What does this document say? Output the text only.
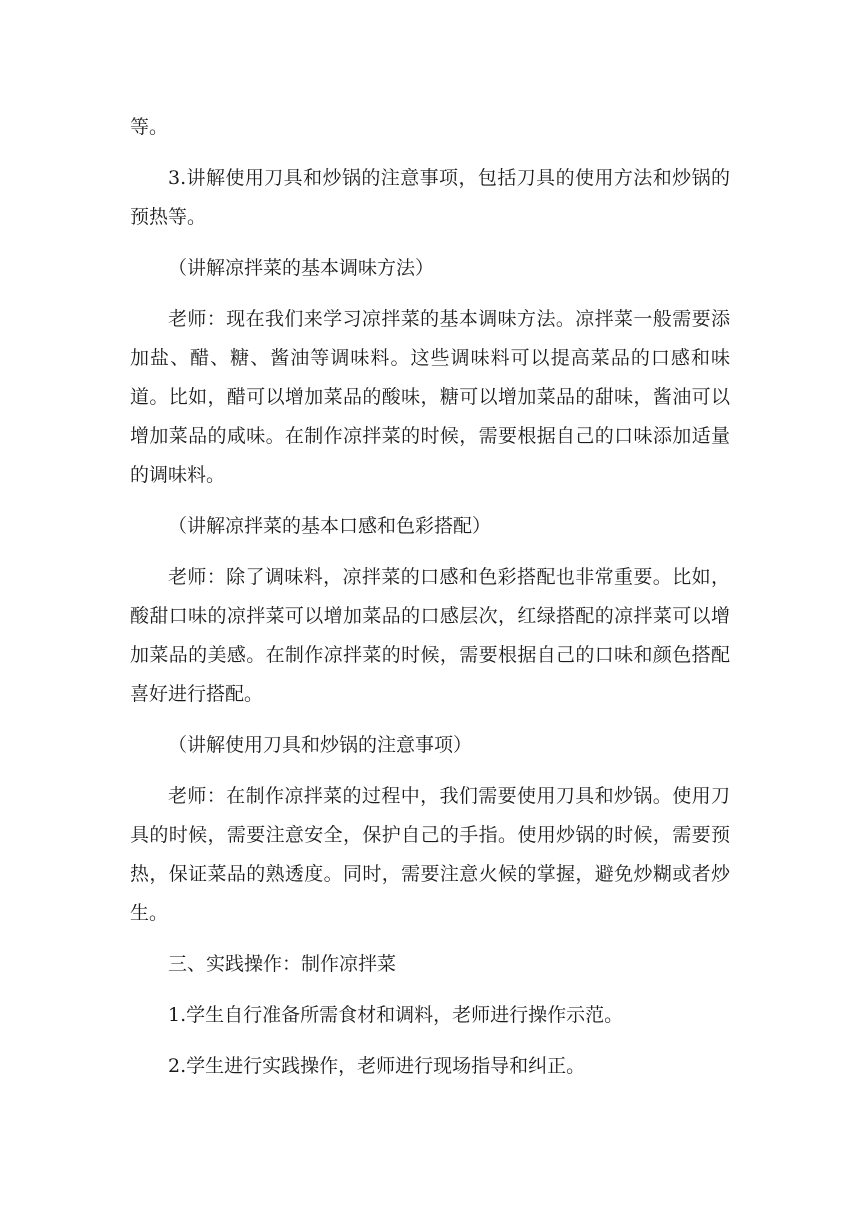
等。

3.讲解使用刀具和炒锅的注意事项，包括刀具的使用方法和炒锅的预热等。

（讲解凉拌菜的基本调味方法）

老师：现在我们来学习凉拌菜的基本调味方法。凉拌菜一般需要添加盐、醋、糖、酱油等调味料。这些调味料可以提高菜品的口感和味道。比如，醋可以增加菜品的酸味，糖可以增加菜品的甜味，酱油可以增加菜品的咸味。在制作凉拌菜的时候，需要根据自己的口味添加适量的调味料。

（讲解凉拌菜的基本口感和色彩搭配）

老师：除了调味料，凉拌菜的口感和色彩搭配也非常重要。比如，酸甜口味的凉拌菜可以增加菜品的口感层次，红绿搭配的凉拌菜可以增加菜品的美感。在制作凉拌菜的时候，需要根据自己的口味和颜色搭配喜好进行搭配。

（讲解使用刀具和炒锅的注意事项）

老师：在制作凉拌菜的过程中，我们需要使用刀具和炒锅。使用刀具的时候，需要注意安全，保护自己的手指。使用炒锅的时候，需要预热，保证菜品的熟透度。同时，需要注意火候的掌握，避免炒糊或者炒生。

三、实践操作：制作凉拌菜

1.学生自行准备所需食材和调料，老师进行操作示范。

2.学生进行实践操作，老师进行现场指导和纠正。
